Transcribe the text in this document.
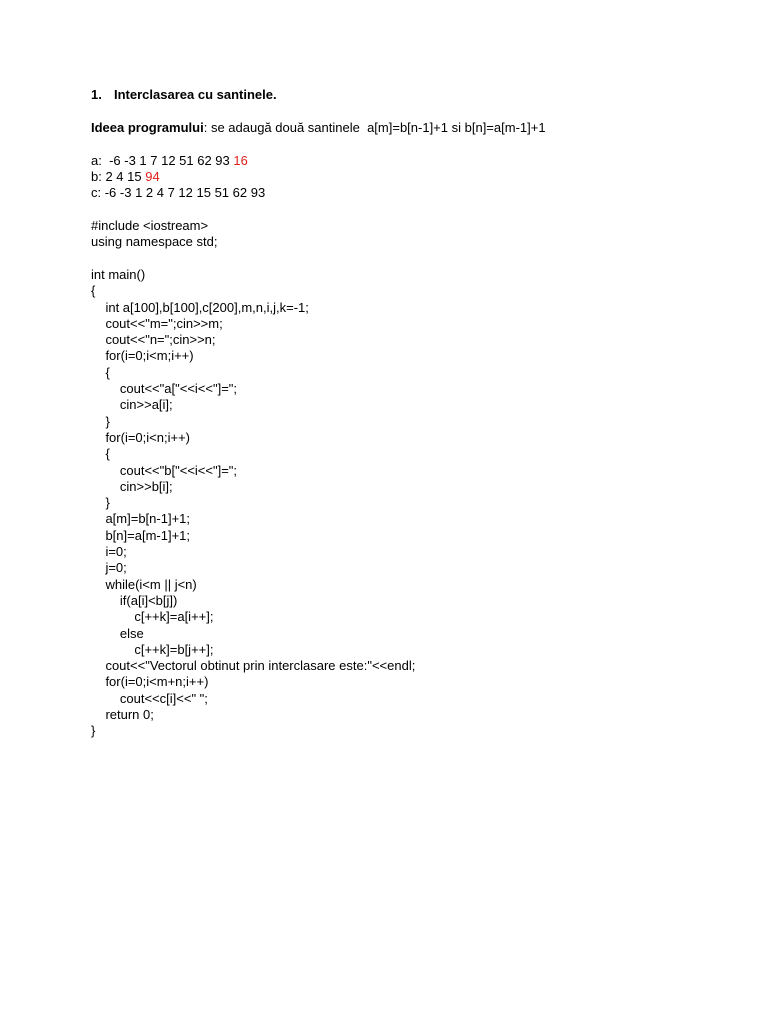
1. Interclasarea cu santinele.
Ideea programului: se adaugă două santinele  a[m]=b[n-1]+1 si b[n]=a[m-1]+1
a:  -6 -3 1 7 12 51 62 93 16
b: 2 4 15 94
c: -6 -3 1 2 4 7 12 15 51 62 93
#include <iostream>
using namespace std;
int main()
{
int a[100],b[100],c[200],m,n,i,j,k=-1;
cout<<"m=";cin>>m;
cout<<"n=";cin>>n;
for(i=0;i<m;i++)
{
cout<<"a["<<i<<"]=";
cin>>a[i];
}
for(i=0;i<n;i++)
{
cout<<"b["<<i<<"]=";
cin>>b[i];
}
a[m]=b[n-1]+1;
b[n]=a[m-1]+1;
i=0;
j=0;
while(i<m || j<n)
if(a[i]<b[j])
c[++k]=a[i++];
else
c[++k]=b[j++];
cout<<"Vectorul obtinut prin interclasare este:"<<endl;
for(i=0;i<m+n;i++)
cout<<c[i]<<" ";
return 0;
}
